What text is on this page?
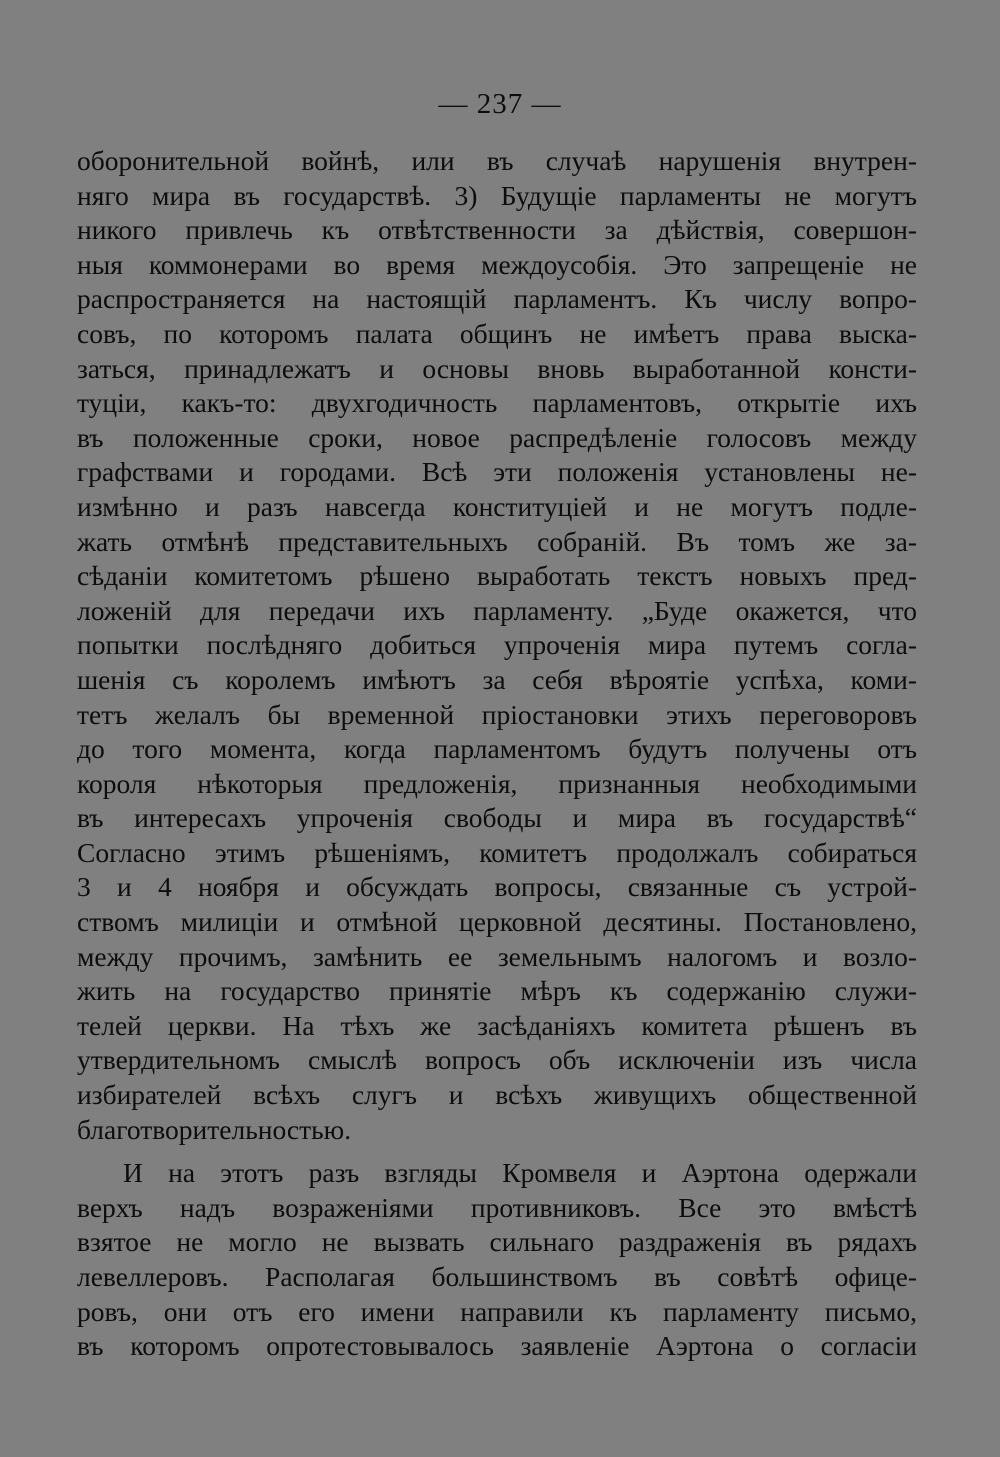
— 237 —
оборонительной войнѣ, или въ случаѣ нарушенія внутрен-
няго мира въ государствѣ. 3) Будущіе парламенты не могутъ
никого привлечь къ отвѣтственности за дѣйствія, совершон-
ныя коммонерами во время междоусобія. Это запрещеніе не
распространяется на настоящій парламентъ. Къ числу вопро-
совъ, по которомъ палата общинъ не имѣетъ права выска-
заться, принадлежатъ и основы вновь выработанной консти-
туціи, какъ-то: двухгодичность парламентовъ, открытіе ихъ
въ положенные сроки, новое распредѣленіе голосовъ между
графствами и городами. Всѣ эти положенія установлены не-
измѣнно и разъ навсегда конституціей и не могутъ подле-
жать отмѣнѣ представительныхъ собраній. Въ томъ же за-
сѣданіи комитетомъ рѣшено выработать текстъ новыхъ пред-
ложеній для передачи ихъ парламенту. „Буде окажется, что
попытки послѣдняго добиться упроченія мира путемъ согла-
шенія съ королемъ имѣютъ за себя вѣроятіе успѣха, коми-
тетъ желалъ бы временной пріостановки этихъ переговоровъ
до того момента, когда парламентомъ будутъ получены отъ
короля нѣкоторыя предложенія, признанныя необходимыми
въ интересахъ упроченія свободы и мира въ государствѣ“
Согласно этимъ рѣшеніямъ, комитетъ продолжалъ собираться
3 и 4 ноября и обсуждать вопросы, связанные съ устрой-
ствомъ милиціи и отмѣной церковной десятины. Постановлено,
между прочимъ, замѣнить ее земельнымъ налогомъ и возло-
жить на государство принятіе мѣръ къ содержанію служи-
телей церкви. На тѣхъ же засѣданіяхъ комитета рѣшенъ въ
утвердительномъ смыслѣ вопросъ объ исключеніи изъ числа
избирателей всѣхъ слугъ и всѣхъ живущихъ общественной
благотворительностью.
И на этотъ разъ взгляды Кромвеля и Аэртона одержали
верхъ надъ возраженіями противниковъ. Все это вмѣстѣ
взятое не могло не вызвать сильнаго раздраженія въ рядахъ
левеллеровъ. Располагая большинствомъ въ совѣтѣ офице-
ровъ, они отъ его имени направили къ парламенту письмо,
въ которомъ опротестовывалось заявленіе Аэртона о согласіи
